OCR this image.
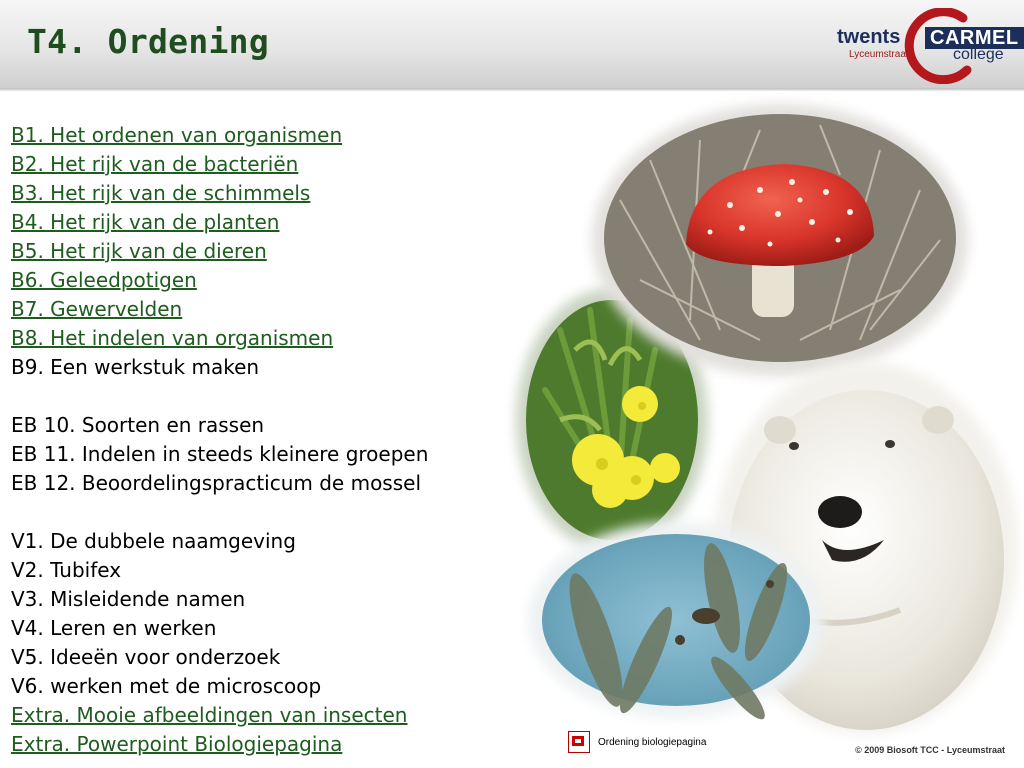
T4. Ordening	twents
Lyceumstraat
CARMEL
college
B1. Het ordenen van organismen
B2. Het rijk van de bacteriën
B3. Het rijk van de schimmels
B4. Het rijk van de planten
B5. Het rijk van de dieren
B6. Geleedpotigen
B7. Gewervelden
B8. Het indelen van organismen
B9. Een werkstuk maken
EB 10. Soorten en rassen
EB 11. Indelen in steeds kleinere groepen
EB 12. Beoordelingspracticum de mossel
V1. De dubbele naamgeving
V2. Tubifex
V3. Misleidende namen
V4. Leren en werken
V5. Ideeën voor onderzoek
V6. werken met de microscoop
Extra. Mooie afbeeldingen van insecten
Extra. Powerpoint Biologiepagina	Ordening biologiepagina
© 2009 Biosoft TCC - Lyceumstraat
